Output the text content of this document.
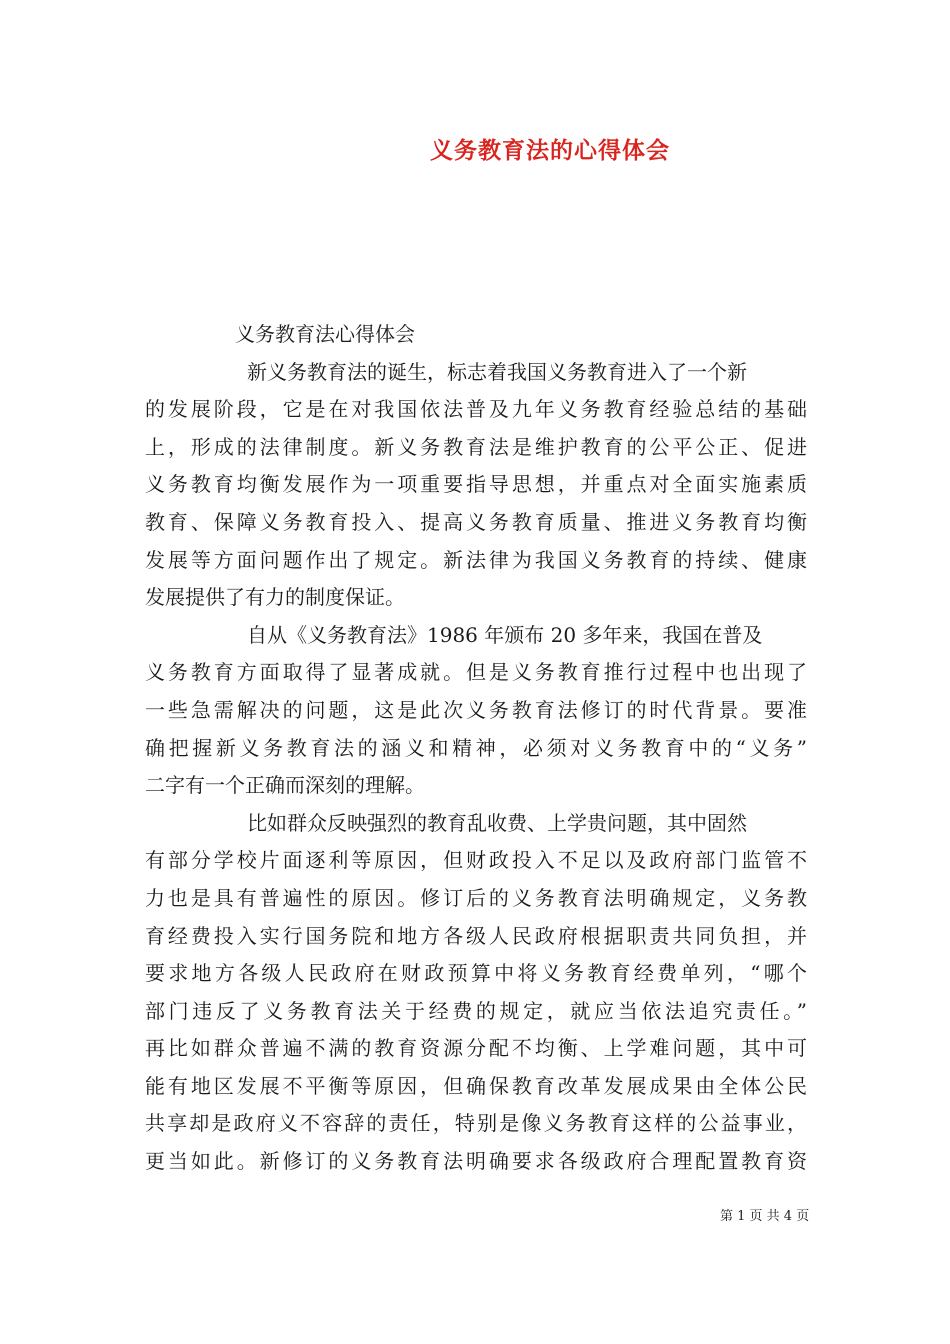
义务教育法的心得体会
义务教育法心得体会
新义务教育法的诞生，标志着我国义务教育进入了一个新
的发展阶段，它是在对我国依法普及九年义务教育经验总结的基础
上，形成的法律制度。新义务教育法是维护教育的公平公正、促进
义务教育均衡发展作为一项重要指导思想，并重点对全面实施素质
教育、保障义务教育投入、提高义务教育质量、推进义务教育均衡
发展等方面问题作出了规定。新法律为我国义务教育的持续、健康
发展提供了有力的制度保证。
自从《义务教育法》1986 年颁布 20 多年来，我国在普及
义务教育方面取得了显著成就。但是义务教育推行过程中也出现了
一些急需解决的问题，这是此次义务教育法修订的时代背景。要准
确把握新义务教育法的涵义和精神，必须对义务教育中的“义务”
二字有一个正确而深刻的理解。
比如群众反映强烈的教育乱收费、上学贵问题，其中固然
有部分学校片面逐利等原因，但财政投入不足以及政府部门监管不
力也是具有普遍性的原因。修订后的义务教育法明确规定，义务教
育经费投入实行国务院和地方各级人民政府根据职责共同负担，并
要求地方各级人民政府在财政预算中将义务教育经费单列，“哪个
部门违反了义务教育法关于经费的规定，就应当依法追究责任。”
再比如群众普遍不满的教育资源分配不均衡、上学难问题，其中可
能有地区发展不平衡等原因，但确保教育改革发展成果由全体公民
共享却是政府义不容辞的责任，特别是像义务教育这样的公益事业，
更当如此。新修订的义务教育法明确要求各级政府合理配置教育资
第 1 页 共 4 页
